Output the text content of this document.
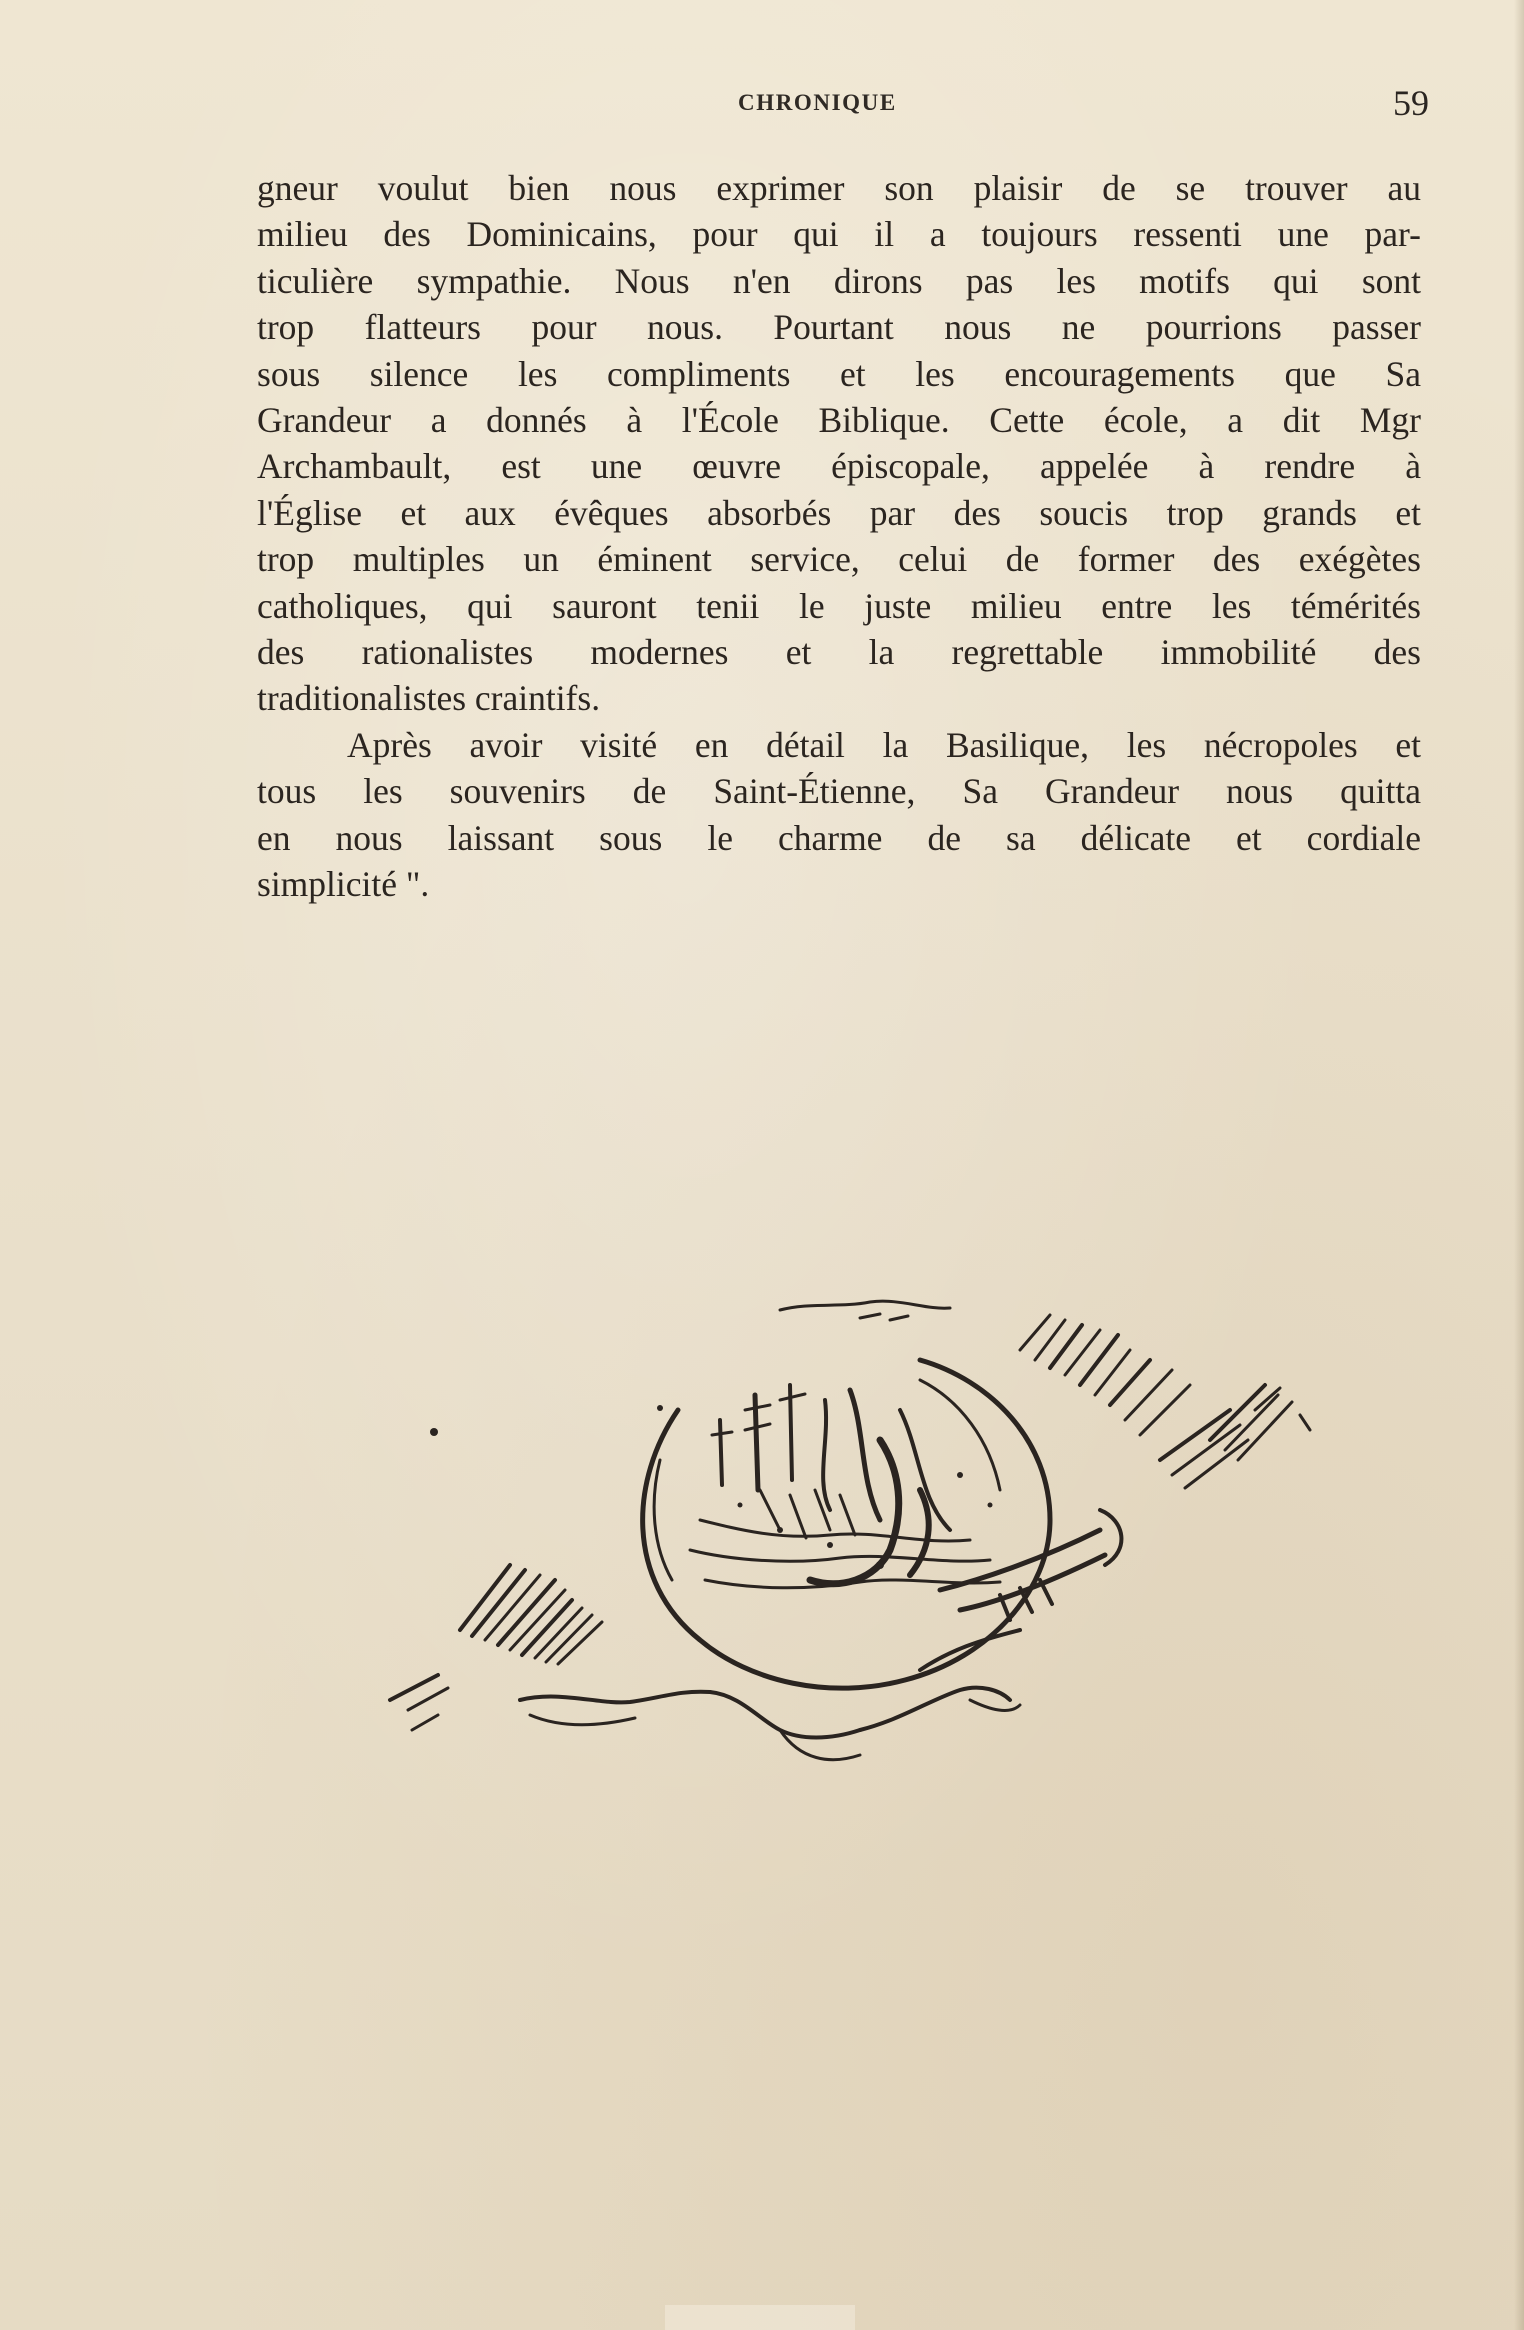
CHRONIQUE	59
gneur voulut bien nous exprimer son plaisir de se trouver au
milieu des Dominicains, pour qui il a toujours ressenti une par-
ticulière sympathie. Nous n'en dirons pas les motifs qui sont
trop flatteurs pour nous. Pourtant nous ne pourrions passer
sous silence les compliments et les encouragements que Sa
Grandeur a donnés à l'École Biblique. Cette école, a dit Mgr
Archambault, est une œuvre épiscopale, appelée à rendre à
l'Église et aux évêques absorbés par des soucis trop grands et
trop multiples un éminent service, celui de former des exégètes
catholiques, qui sauront tenii le juste milieu entre les témérités
des rationalistes modernes et la regrettable immobilité des
traditionalistes craintifs.
Après avoir visité en détail la Basilique, les nécropoles et
tous les souvenirs de Saint-Étienne, Sa Grandeur nous quitta
en nous laissant sous le charme de sa délicate et cordiale
simplicité ".
